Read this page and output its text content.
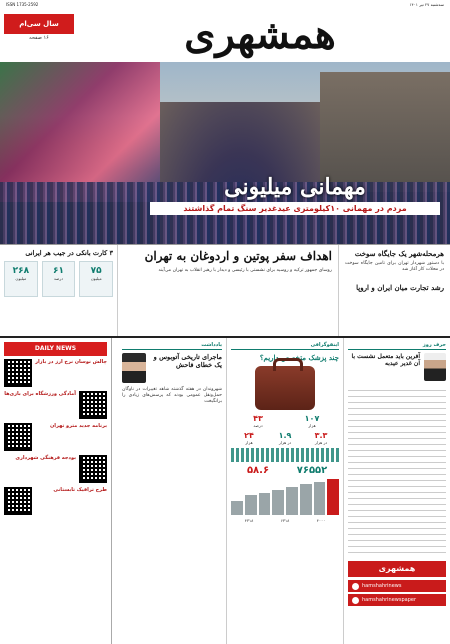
سه‌شنبه ۲۷ تیر ۱۴۰۱
ISSN 1735-2592
همشهری
سال سی‌ام
۱۶ صفحه
مهمانی میلیونی
مردم در مهمانی ۱۰کیلومتری عیدغدیر سنگ تمام گذاشتند
هرمحله‌شهر یک جایگاه سوخت
با دستور شهردار تهران برای تامین جایگاه سوخت در محلات کار آغاز شد
رشد تجارت میان ایران و اروپا
اهداف سفر پوتین و اردوغان به تهران
روسای جمهور ترکیه و روسیه برای نشستی با رئیسی و دیدار با رهبر انقلاب به تهران می‌آیند
۳ کارت بانکی در جیب هر ایرانی
۷۵
میلیون
۶۱
درصد
۲۶۸
میلیون
DAILY NEWS
چالش نوسان نرخ ارز در بازار
آمادگی ورزشگاه برای بازی‌ها
برنامه جدید مترو تهران
بودجه فرهنگی شهرداری
طرح ترافیک تابستانی
یادداشت
ماجرای تاریخی آتوبوس و یک خطای فاحش
شهروندان در هفته گذشته شاهد تغییرات در ناوگان حمل‌ونقل عمومی بودند که پرسش‌های زیادی را برانگیخت
اینفوگرافی
چند پزشک متخصص داریم؟
۱۰۷
هزار
۴۳
درصد
۳.۳
در هزار
۱.۹
در هزار
۲۴
هزار
۷۶۵۵۲
۵۸.۶
۴۰۰۰
۶۳۱۸
۴۳۱۸
حرف روز
آفرین باید متعمل نشست با آن غدیر عیدبه
همشهری
hamshahrinews
hamshahrinewspaper
